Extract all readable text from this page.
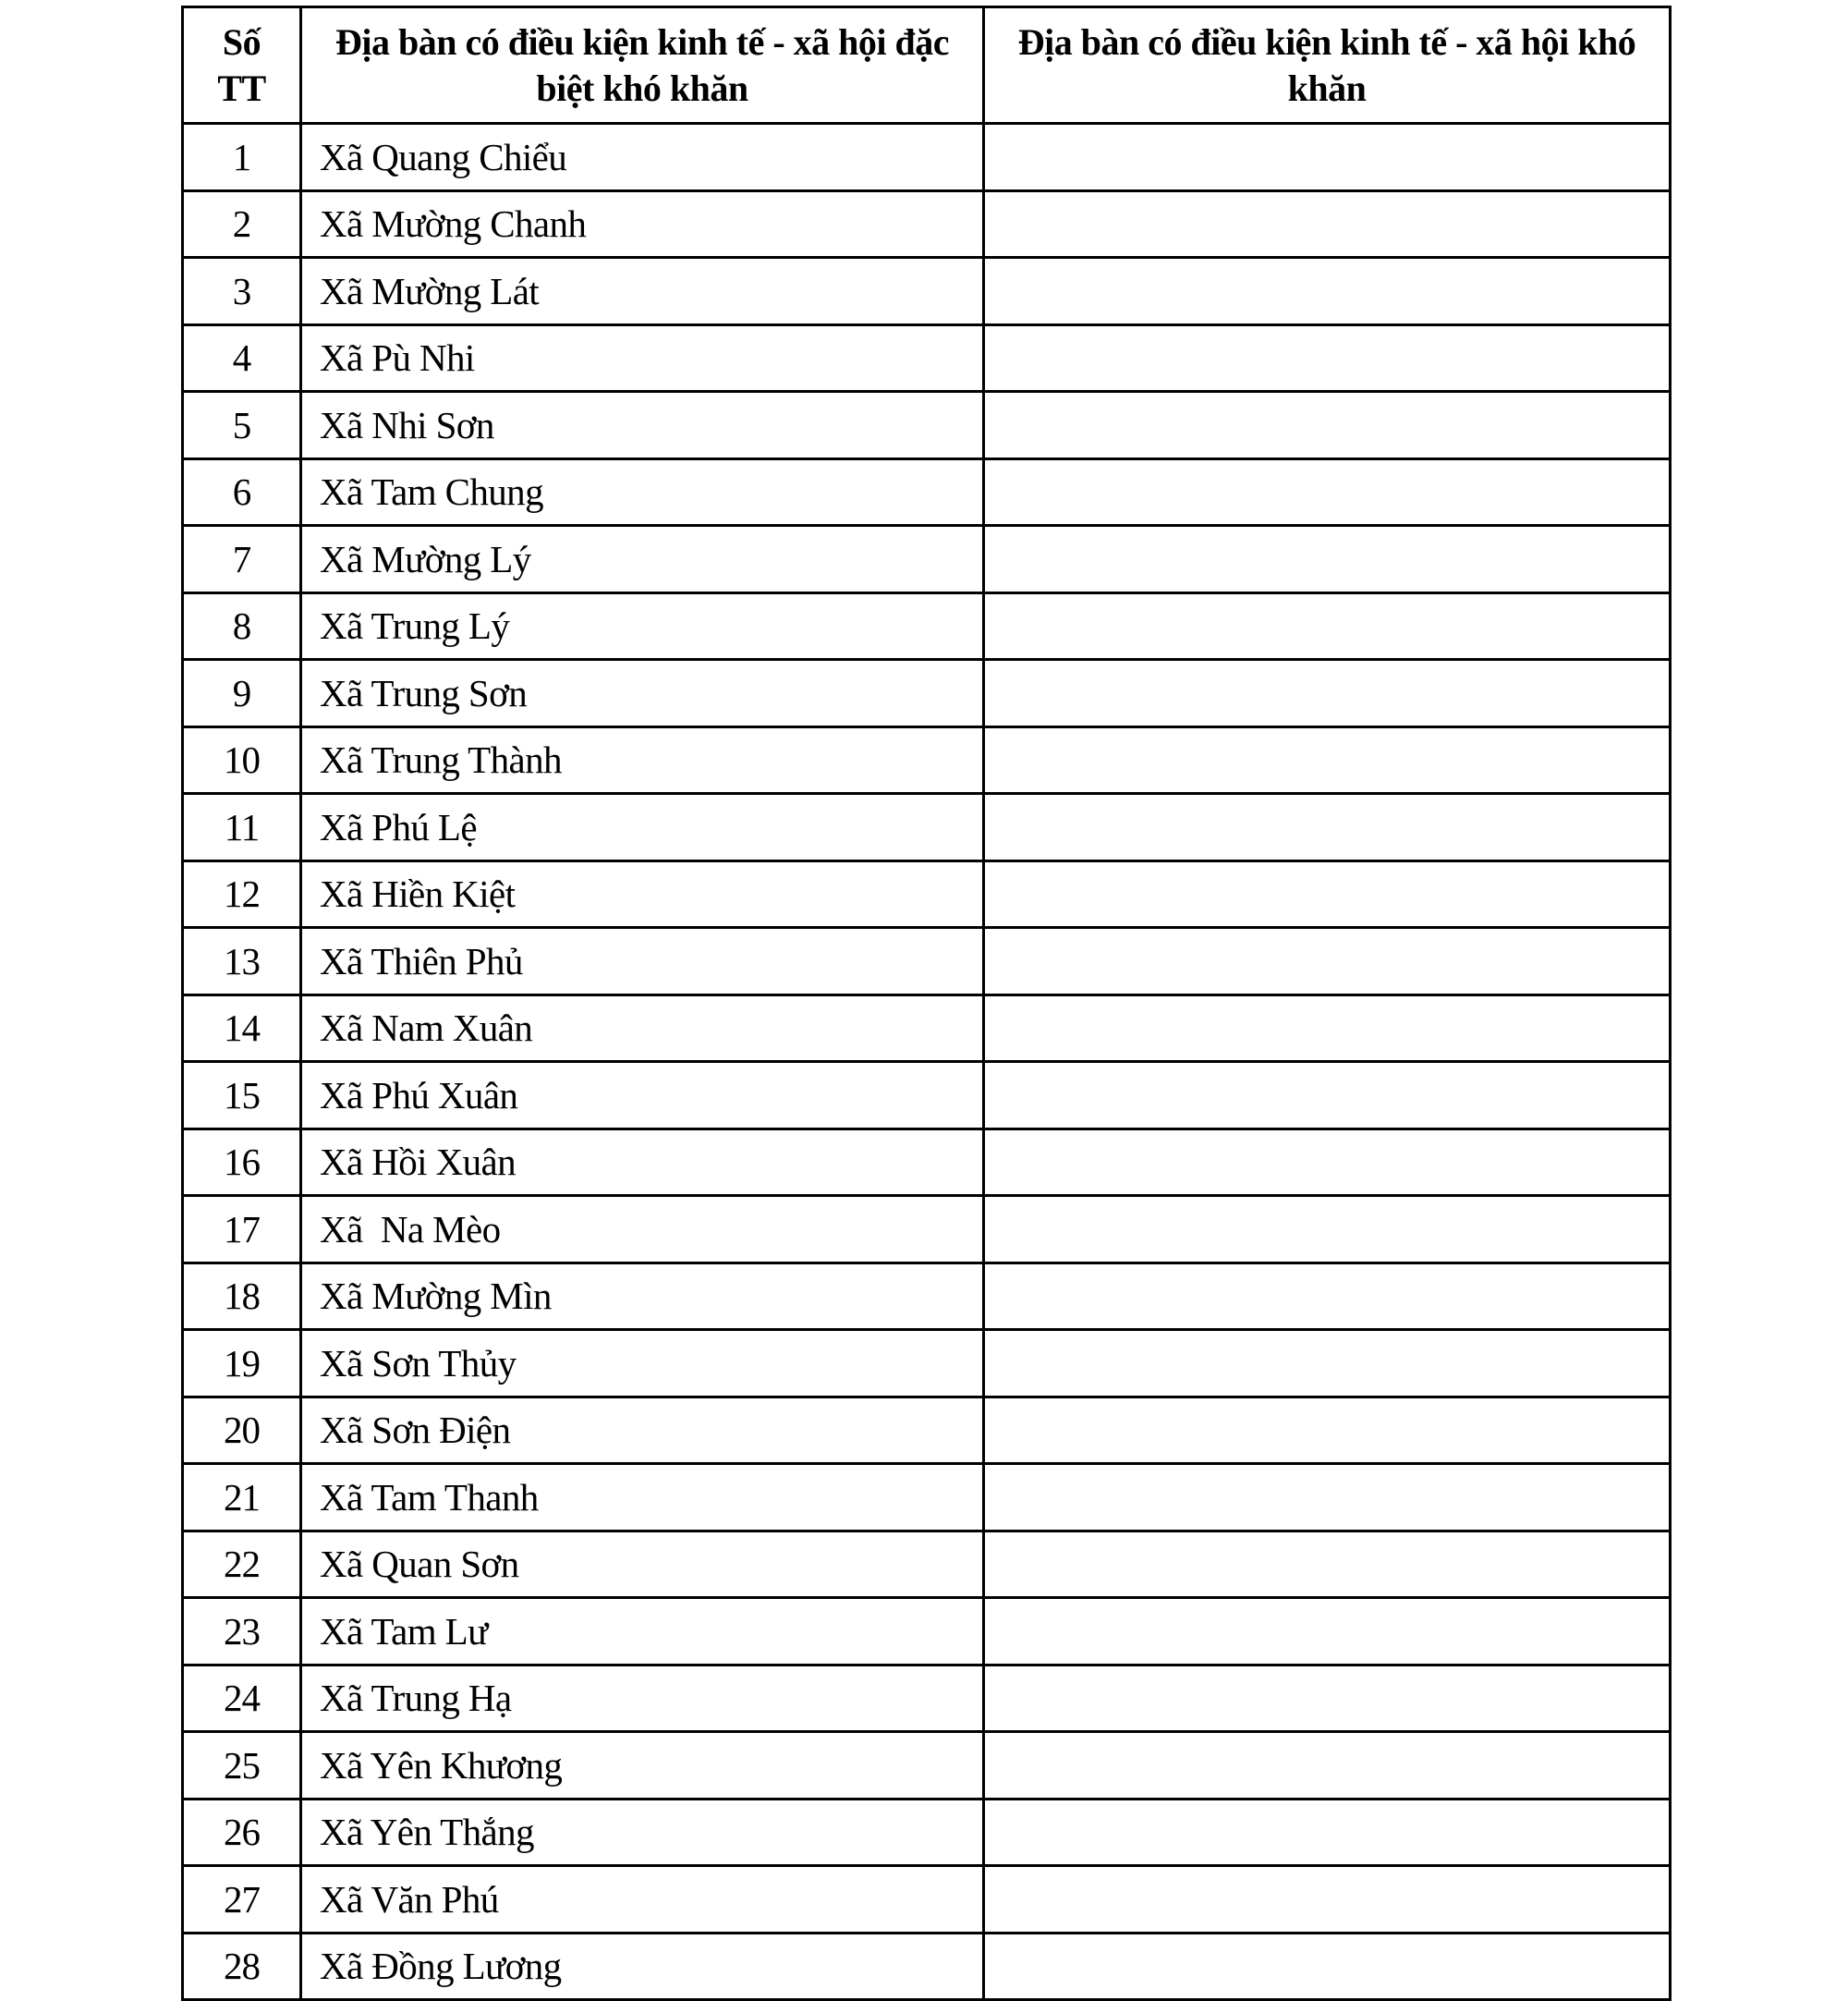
Số
TT	Địa bàn có điều kiện kinh tế - xã hội đặc biệt khó khăn	Địa bàn có điều kiện kinh tế - xã hội khó khăn

1	Xã Quang Chiểu	
2	Xã Mường Chanh	
3	Xã Mường Lát	
4	Xã Pù Nhi	
5	Xã Nhi Sơn	
6	Xã Tam Chung	
7	Xã Mường Lý	
8	Xã Trung Lý	
9	Xã Trung Sơn	
10	Xã Trung Thành	
11	Xã Phú Lệ	
12	Xã Hiền Kiệt	
13	Xã Thiên Phủ	
14	Xã Nam Xuân	
15	Xã Phú Xuân	
16	Xã Hồi Xuân	
17	Xã  Na Mèo	
18	Xã Mường Mìn	
19	Xã Sơn Thủy	
20	Xã Sơn Điện	
21	Xã Tam Thanh	
22	Xã Quan Sơn	
23	Xã Tam Lư	
24	Xã Trung Hạ	
25	Xã Yên Khương	
26	Xã Yên Thắng	
27	Xã Văn Phú	
28	Xã Đồng Lương	
